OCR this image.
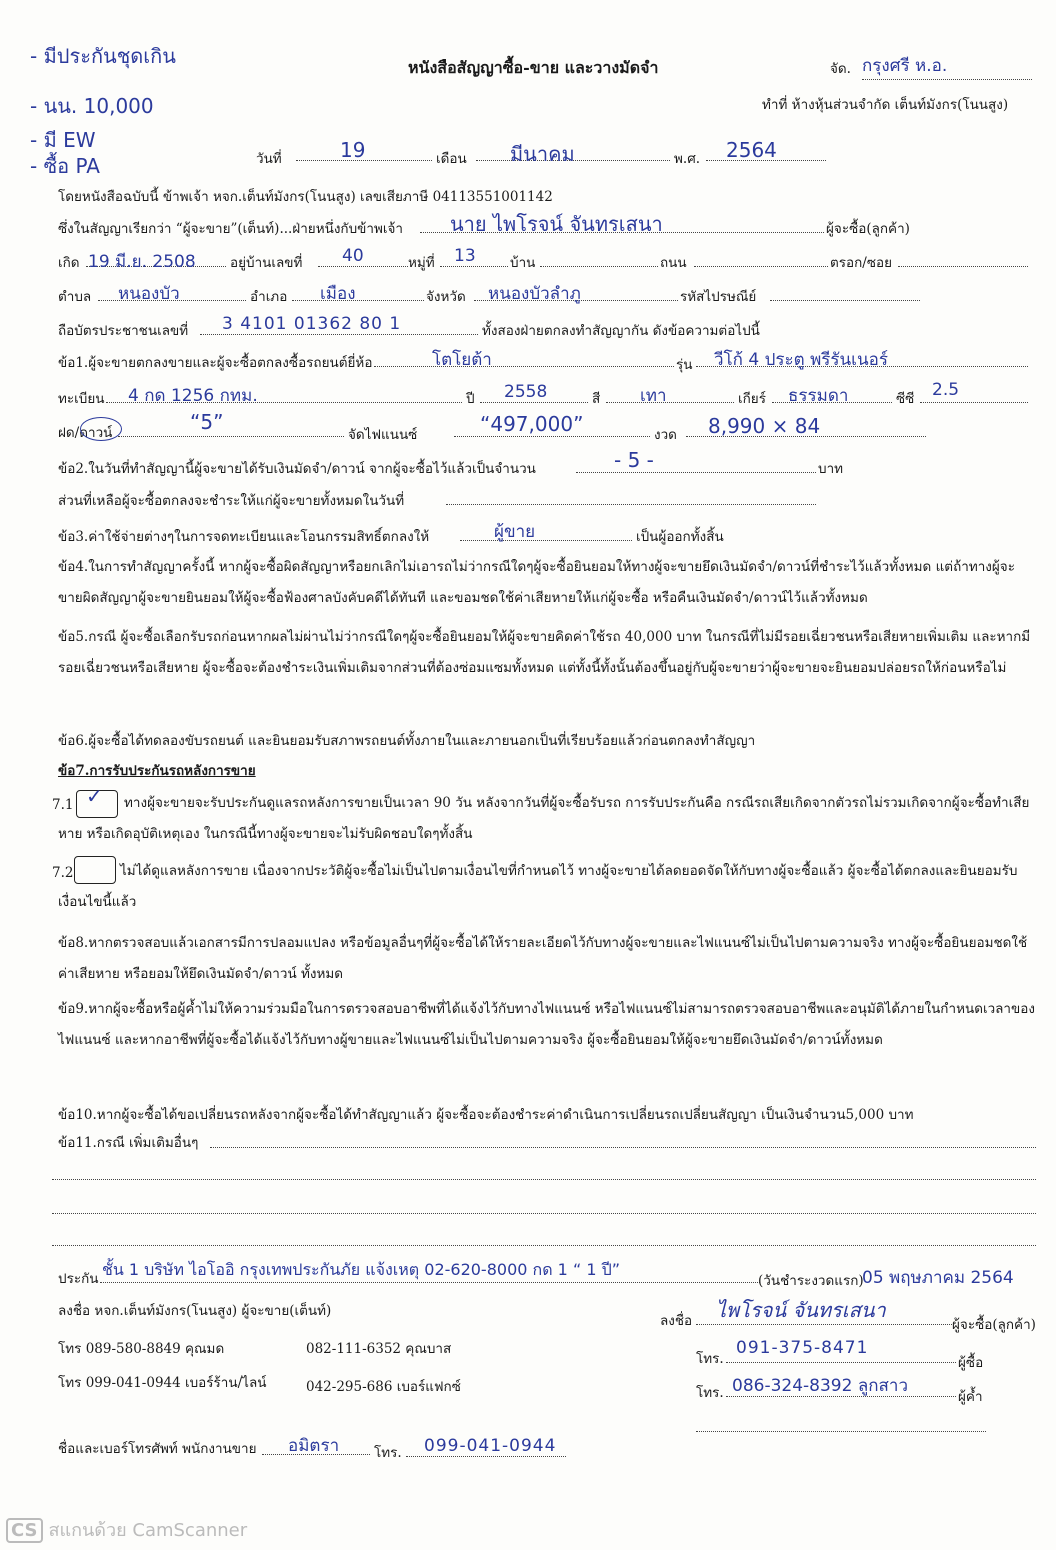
- มีประกันชุดเกิน
- นน. 10,000
- มี EW
- ซื้อ PA
หนังสือสัญญาซื้อ-ขาย และวางมัดจำ	จัด. กรุงศรี ห.อ.
ทำที่ ห้างหุ้นส่วนจำกัด เต็นท์มังกร(โนนสูง)
วันที่	19	เดือน มีนาคม	พ.ศ. 2564
โดยหนังสือฉบับนี้ ข้าพเจ้า หจก.เต็นท์มังกร(โนนสูง) เลขเสียภาษี 0411355100114​2
ซึ่งในสัญญาเรียกว่า “ผู้จะขาย”(เต็นท์)...ฝ่ายหนึ่งกับข้าพเจ้า นาย ไพโรจน์ จันทรเสนา	ผู้จะซื้อ(ลูกค้า)
เกิด 19 มี.ย. 2508	อยู่บ้านเลขที่ 40	หมู่ที่ 13	บ้าน	ถนน	ตรอก/ซอย
ตำบล หนองบัว	อำเภอ เมือง	จังหวัด หนองบัวลำภู	รหัสไปรษณีย์
ถือบัตรประชาชนเลขที่ 3 4101 01362 80 1	ทั้งสองฝ่ายตกลงทำสัญญากัน ดังข้อความต่อไปนี้
ข้อ1.ผู้จะขายตกลงขายและผู้จะซื้อตกลงซื้อรถยนต์ยี่ห้อ	โตโยต้า	รุ่น วีโก้ 4 ประตู พรีรันเนอร์
ทะเบียน 4 กด 1256 กทม.	ปี 2558	สี เทา	เกียร์ ธรรมดา	ซีซี 2.5
ฝด/ดาวน์	“5”
จัดไฟแนนซ์	“497,000”	งวด 8,990 × 84
ข้อ2.ในวันที่ทำสัญญานี้ผู้จะขายได้รับเงินมัดจำ/ดาวน์ จากผู้จะซื้อไว้แล้วเป็นจำนวน	- 5 -	บาท
ส่วนที่เหลือผู้จะซื้อตกลงจะชำระให้แก่ผู้จะขายทั้งหมดในวันที่
ข้อ3.ค่าใช้จ่ายต่างๆในการจดทะเบียนและโอนกรรมสิทธิ์ตกลงให้	ผู้ขาย	เป็นผู้ออกทั้งสิ้น
ข้อ4.ในการทำสัญญาครั้งนี้ หากผู้จะซื้อผิดสัญญาหรือยกเลิกไม่เอารถไม่ว่ากรณีใดๆผู้จะซื้อยินยอมให้ทางผู้จะขายยึดเงินมัดจำ/ดาวน์ที่ชำระไว้แล้วทั้งหมด แต่ถ้าทางผู้จะขายผิดสัญญาผู้จะขายยินยอมให้ผู้จะซื้อฟ้องศาลบังคับคดีได้ทันที และขอมชดใช้ค่าเสียหายให้แก่ผู้จะซื้อ หรือคืนเงินมัดจำ/ดาวน์ไว้แล้วทั้งหมด
ข้อ5.กรณี ผู้จะซื้อเลือกรับรถก่อนหากผลไม่ผ่านไม่ว่ากรณีใดๆผู้จะซื้อยินยอมให้ผู้จะขายคิดค่าใช้รถ 40,000 บาท ในกรณีที่ไม่มีรอยเฉี่ยวชนหรือเสียหายเพิ่มเติม และหากมีรอยเฉี่ยวชนหรือเสียหาย ผู้จะซื้อจะต้องชำระเงินเพิ่มเติมจากส่วนที่ต้องซ่อมแซมทั้งหมด แต่ทั้งนี้ทั้งนั้นต้องขึ้นอยู่กับผู้จะขายว่าผู้จะขายจะยินยอมปล่อยรถให้ก่อนหรือไม่
ข้อ6.ผู้จะซื้อได้ทดลองขับรถยนต์ และยินยอมรับสภาพรถยนต์ทั้งภายในและภายนอกเป็นที่เรียบร้อยแล้วก่อนตกลงทำสัญญา
ข้อ7.การรับประกันรถหลังการขาย
7.1 ✓	ทางผู้จะขายจะรับประกันดูแลรถหลังการขายเป็นเวลา 90 วัน หลังจากวันที่ผู้จะซื้อรับรถ การรับประกันคือ กรณีรถเสียเกิดจากตัวรถไม่รวมเกิดจากผู้จะซื้อทำเสียหาย หรือเกิดอุบัติเหตุเอง ในกรณีนี้ทางผู้จะขายจะไม่รับผิดชอบใดๆทั้งสิ้น
7.2	ไม่ได้ดูแลหลังการขาย เนื่องจากประวัติผู้จะซื้อไม่เป็นไปตามเงื่อนไขที่กำหนดไว้ ทางผู้จะขายได้ลดยอดจัดให้กับทางผู้จะซื้อแล้ว ผู้จะซื้อได้ตกลงและยินยอมรับเงื่อนไขนี้แล้ว
ข้อ8.หากตรวจสอบแล้วเอกสารมีการปลอมแปลง หรือข้อมูลอื่นๆที่ผู้จะซื้อได้ให้รายละเอียดไว้กับทางผู้จะขายและไฟแนนซ์ไม่เป็นไปตามความจริง ทางผู้จะซื้อยินยอมชดใช้ค่าเสียหาย หรือยอมให้ยึดเงินมัดจำ/ดาวน์ ทั้งหมด
ข้อ9.หากผู้จะซื้อหรือผู้ค้ำไม่ให้ความร่วมมือในการตรวจสอบอาชีพที่ได้แจ้งไว้กับทางไฟแนนซ์ หรือไฟแนนซ์ไม่สามารถตรวจสอบอาชีพและอนุมัติได้ภายในกำหนดเวลาของไฟแนนซ์ และหากอาชีพที่ผู้จะซื้อได้แจ้งไว้กับทางผู้ขายและไฟแนนซ์ไม่เป็นไปตามความจริง ผู้จะซื้อยินยอมให้ผู้จะขายยึดเงินมัดจำ/ดาวน์ทั้งหมด
ข้อ10.หากผู้จะซื้อได้ขอเปลี่ยนรถหลังจากผู้จะซื้อได้ทำสัญญาแล้ว ผู้จะซื้อจะต้องชำระค่าดำเนินการเปลี่ยนรถเปลี่ยนสัญญา เป็นเงินจำนวน5,000 บาท
ข้อ11.กรณี เพิ่มเติมอื่นๆ
ประกัน ชั้น 1 บริษัท ไอโออิ กรุงเทพประกันภัย แจ้งเหตุ 02-620-8000 กด 1 “ 1 ปี”
(วันชำระงวดแรก)
05 พฤษภาคม 2564
ลงชื่อ หจก.เต็นท์มังกร(โนนสูง) ผู้จะขาย(เต็นท์)
ลงชื่อ ไพโรจน์ จันทรเสนา
ผู้จะซื้อ(ลูกค้า)
โทร 089-580-8849 คุณมด	082-111-6352 คุณบาส
โทร 099-041-0944 เบอร์ร้าน/ไลน์	042-295-686 เบอร์แฟกซ์
โทร.
091-375-8471
ผู้ซื้อ
โทร. 086-324-8392 ลูกสาว
ผู้ค้ำ
ชื่อและเบอร์โทรศัพท์ พนักงานขาย อมิตรา	โทร. 099-041-0944
CS สแกนด้วย CamScanner
